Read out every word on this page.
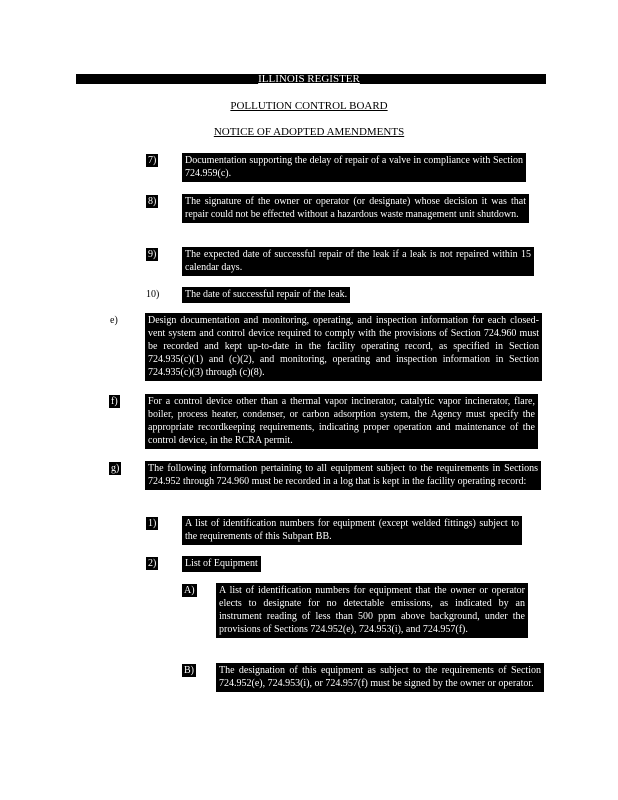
ILLINOIS REGISTER
POLLUTION CONTROL BOARD
NOTICE OF ADOPTED AMENDMENTS
7)	Documentation supporting the delay of repair of a valve in compliance with Section 724.959(c).
8)	The signature of the owner or operator (or designate) whose decision it was that repair could not be effected without a hazardous waste management unit shutdown.
9)	The expected date of successful repair of the leak if a leak is not repaired within 15 calendar days.
10)	The date of successful repair of the leak.
e)	Design documentation and monitoring, operating, and inspection information for each closed-vent system and control device required to comply with the provisions of Section 724.960 must be recorded and kept up-to-date in the facility operating record, as specified in Section 724.935(c)(1) and (c)(2), and monitoring, operating and inspection information in Section 724.935(c)(3) through (c)(8).
f)	For a control device other than a thermal vapor incinerator, catalytic vapor incinerator, flare, boiler, process heater, condenser, or carbon adsorption system, the Agency must specify the appropriate recordkeeping requirements, indicating proper operation and maintenance of the control device, in the RCRA permit.
g)	The following information pertaining to all equipment subject to the requirements in Sections 724.952 through 724.960 must be recorded in a log that is kept in the facility operating record:
1)	A list of identification numbers for equipment (except welded fittings) subject to the requirements of this Subpart BB.
2)	List of Equipment
A)	A list of identification numbers for equipment that the owner or operator elects to designate for no detectable emissions, as indicated by an instrument reading of less than 500 ppm above background, under the provisions of Sections 724.952(e), 724.953(i), and 724.957(f).
B)	The designation of this equipment as subject to the requirements of Section 724.952(e), 724.953(i), or 724.957(f) must be signed by the owner or operator.
